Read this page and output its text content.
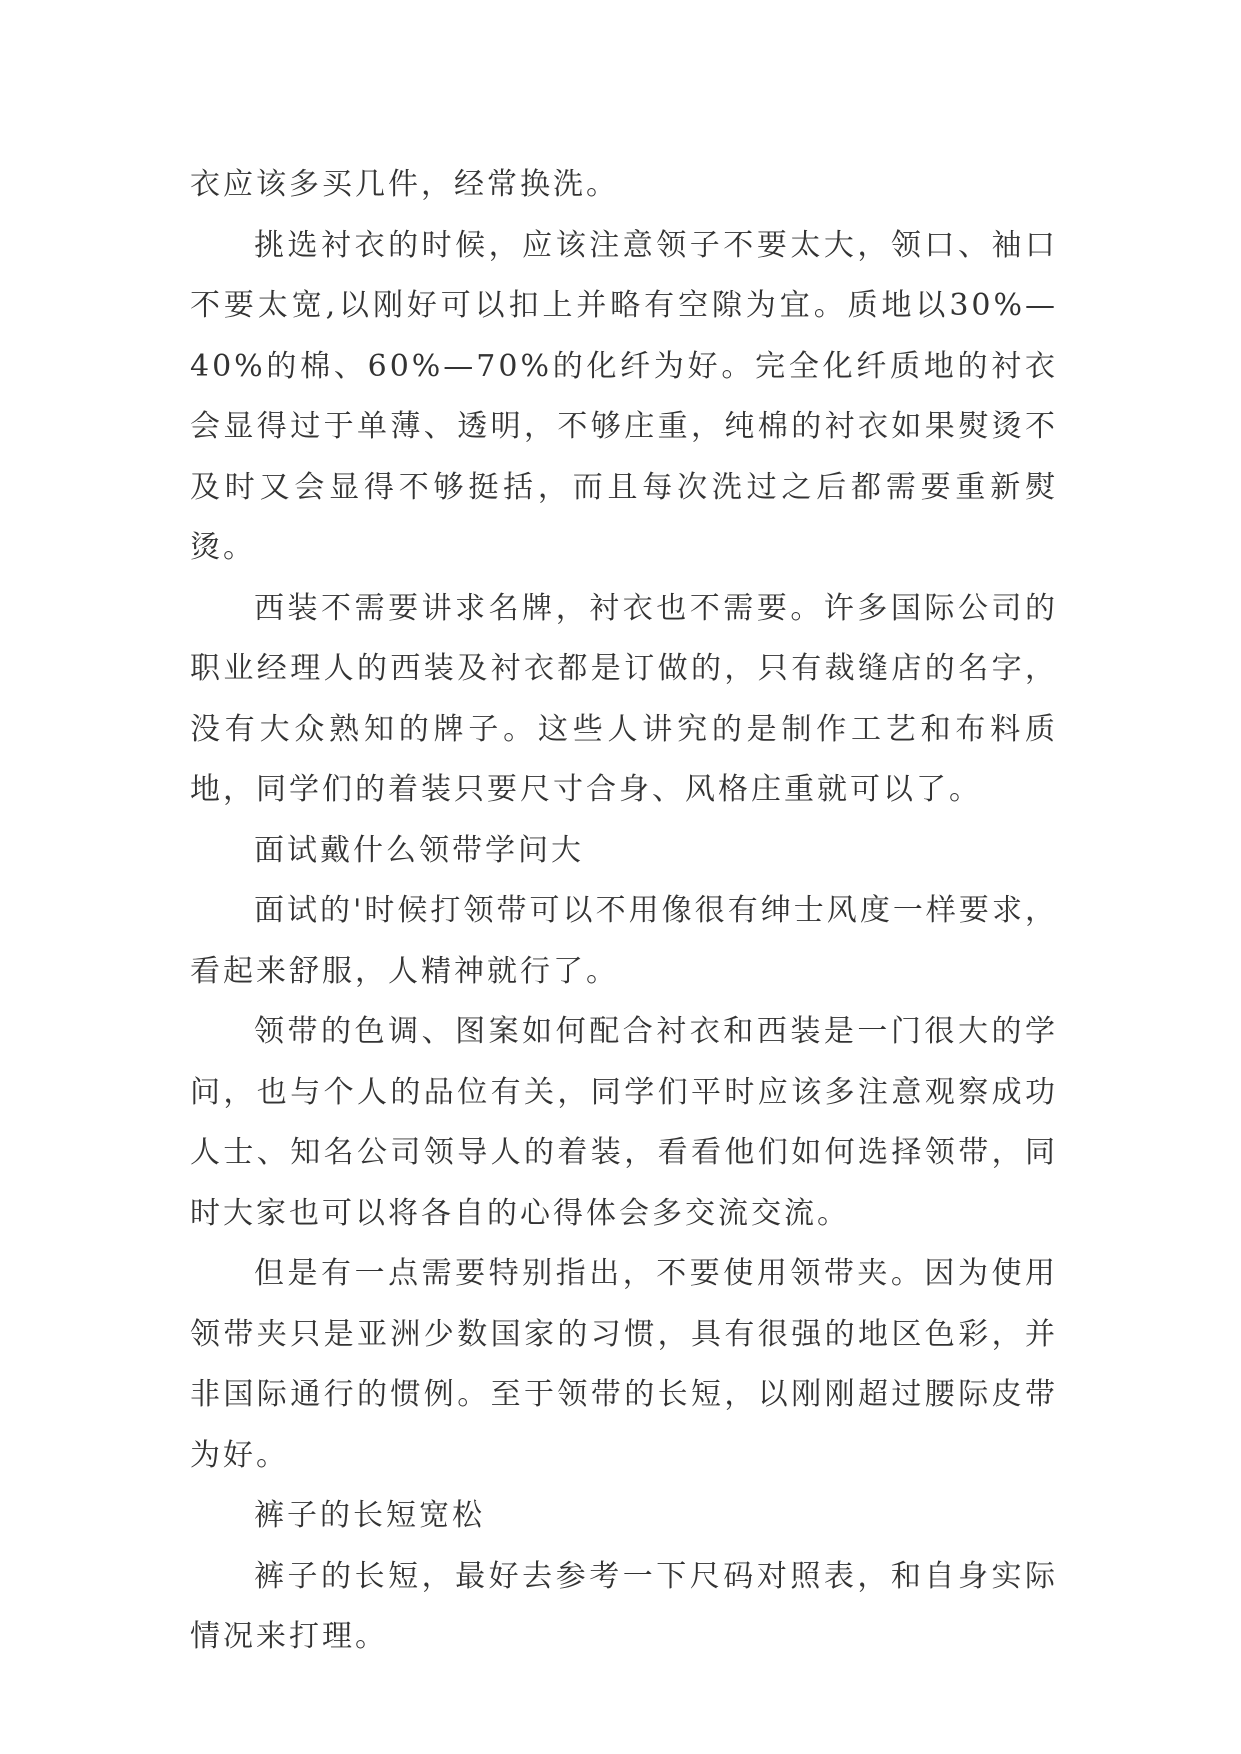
衣应该多买几件，经常换洗。

挑选衬衣的时候，应该注意领子不要太大，领口、袖口不要太宽,以刚好可以扣上并略有空隙为宜。质地以30%—40%的棉、60%—70%的化纤为好。完全化纤质地的衬衣会显得过于单薄、透明，不够庄重，纯棉的衬衣如果熨烫不及时又会显得不够挺括，而且每次洗过之后都需要重新熨烫。

西装不需要讲求名牌，衬衣也不需要。许多国际公司的职业经理人的西装及衬衣都是订做的，只有裁缝店的名字，没有大众熟知的牌子。这些人讲究的是制作工艺和布料质地，同学们的着装只要尺寸合身、风格庄重就可以了。

面试戴什么领带学问大

面试的'时候打领带可以不用像很有绅士风度一样要求，看起来舒服，人精神就行了。

领带的色调、图案如何配合衬衣和西装是一门很大的学问，也与个人的品位有关，同学们平时应该多注意观察成功人士、知名公司领导人的着装，看看他们如何选择领带，同时大家也可以将各自的心得体会多交流交流。

但是有一点需要特别指出，不要使用领带夹。因为使用领带夹只是亚洲少数国家的习惯，具有很强的地区色彩，并非国际通行的惯例。至于领带的长短，以刚刚超过腰际皮带为好。

裤子的长短宽松

裤子的长短，最好去参考一下尺码对照表，和自身实际情况来打理。
